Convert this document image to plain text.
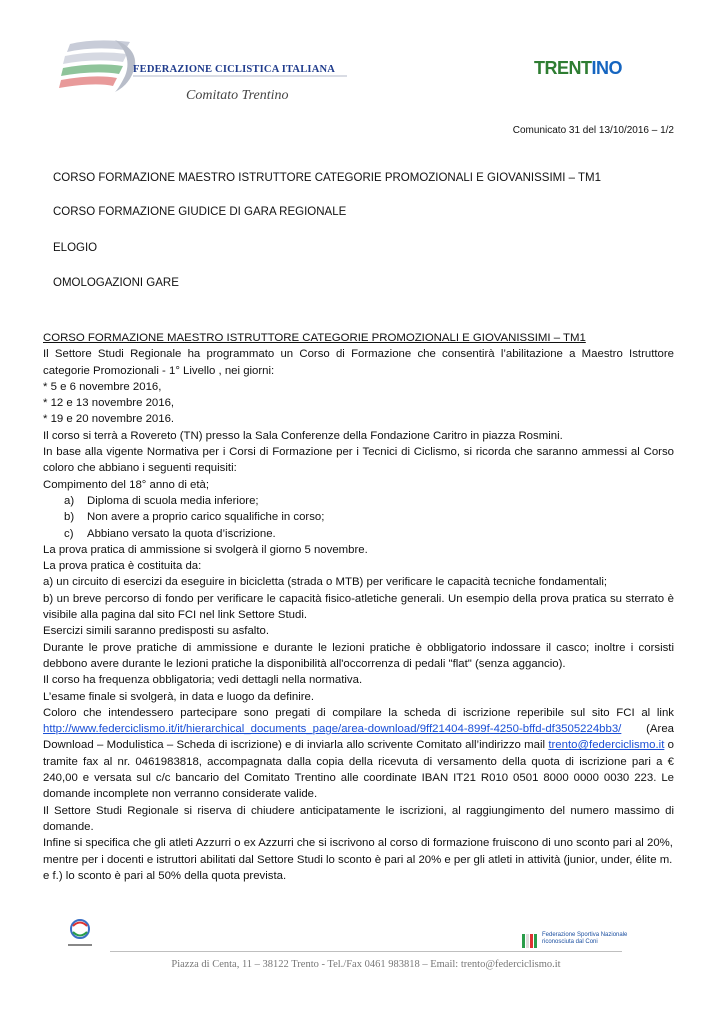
FEDERAZIONE CICLISTICA ITALIANA
Comitato Trentino
TRENTINO
Comunicato 31 del 13/10/2016 – 1/2
CORSO FORMAZIONE MAESTRO ISTRUTTORE CATEGORIE PROMOZIONALI E GIOVANISSIMI – TM1
CORSO FORMAZIONE GIUDICE DI GARA REGIONALE
ELOGIO
OMOLOGAZIONI GARE

CORSO FORMAZIONE MAESTRO ISTRUTTORE CATEGORIE PROMOZIONALI E GIOVANISSIMI – TM1

Il Settore Studi Regionale ha programmato un Corso di Formazione che consentirà l’abilitazione a Maestro Istruttore categorie Promozionali - 1° Livello , nei giorni:

* 5 e 6 novembre 2016,

* 12 e 13 novembre 2016,

* 19 e 20 novembre 2016.

Il corso si terrà a Rovereto (TN) presso la Sala Conferenze della Fondazione Caritro in piazza Rosmini.

In base alla vigente Normativa per i Corsi di Formazione per i Tecnici di Ciclismo, si ricorda che saranno ammessi al Corso coloro che abbiano i seguenti requisiti:

Compimento del 18° anno di età;

a)	Diploma di scuola media inferiore;
b)	Non avere a proprio carico squalifiche in corso;
c)	Abbiano versato la quota d’iscrizione.

La prova pratica di ammissione si svolgerà il giorno 5 novembre.

La prova pratica è costituita da:

a) un circuito di esercizi da eseguire in bicicletta (strada o MTB) per verificare le capacità tecniche fondamentali;

b) un breve percorso di fondo per verificare le capacità fisico-atletiche generali. Un esempio della prova pratica su sterrato è visibile alla pagina dal sito FCI nel link Settore Studi.

Esercizi simili saranno predisposti su asfalto.

Durante le prove pratiche di ammissione e durante le lezioni pratiche è obbligatorio indossare il casco; inoltre i corsisti debbono avere durante le lezioni pratiche la disponibilità all'occorrenza di pedali "flat" (senza aggancio).

Il corso ha frequenza obbligatoria; vedi dettagli nella normativa.

L’esame finale si svolgerà, in data e luogo da definire.

Coloro che intendessero partecipare sono pregati di compilare la scheda di iscrizione reperibile sul sito FCI al link http://www.federciclismo.it/it/hierarchical_documents_page/area-download/9ff21404-899f-4250-bffd-df3505224bb3/ (Area Download – Modulistica – Scheda di iscrizione) e di inviarla allo scrivente Comitato all’indirizzo mail trento@federciclismo.it o tramite fax al nr. 0461983818, accompagnata dalla copia della ricevuta di versamento della quota di iscrizione pari a € 240,00 e versata sul c/c bancario del Comitato Trentino alle coordinate IBAN IT21 R010 0501 8000 0000 0030 223. Le domande incomplete non verranno considerate valide.

Il Settore Studi Regionale si riserva di chiudere anticipatamente le iscrizioni, al raggiungimento del numero massimo di domande.

Infine si specifica che gli atleti Azzurri o ex Azzurri che si iscrivono al corso di formazione fruiscono di uno sconto pari al 20%, mentre per i docenti e istruttori abilitati dal Settore Studi lo sconto è pari al 20% e per gli atleti in attività (junior, under, élite m. e f.) lo sconto è pari al 50% della quota prevista.

Federazione Sportiva Nazionale
riconosciuta dal Coni
Piazza di Centa, 11 – 38122 Trento - Tel./Fax 0461 983818 – Email: trento@federciclismo.it
